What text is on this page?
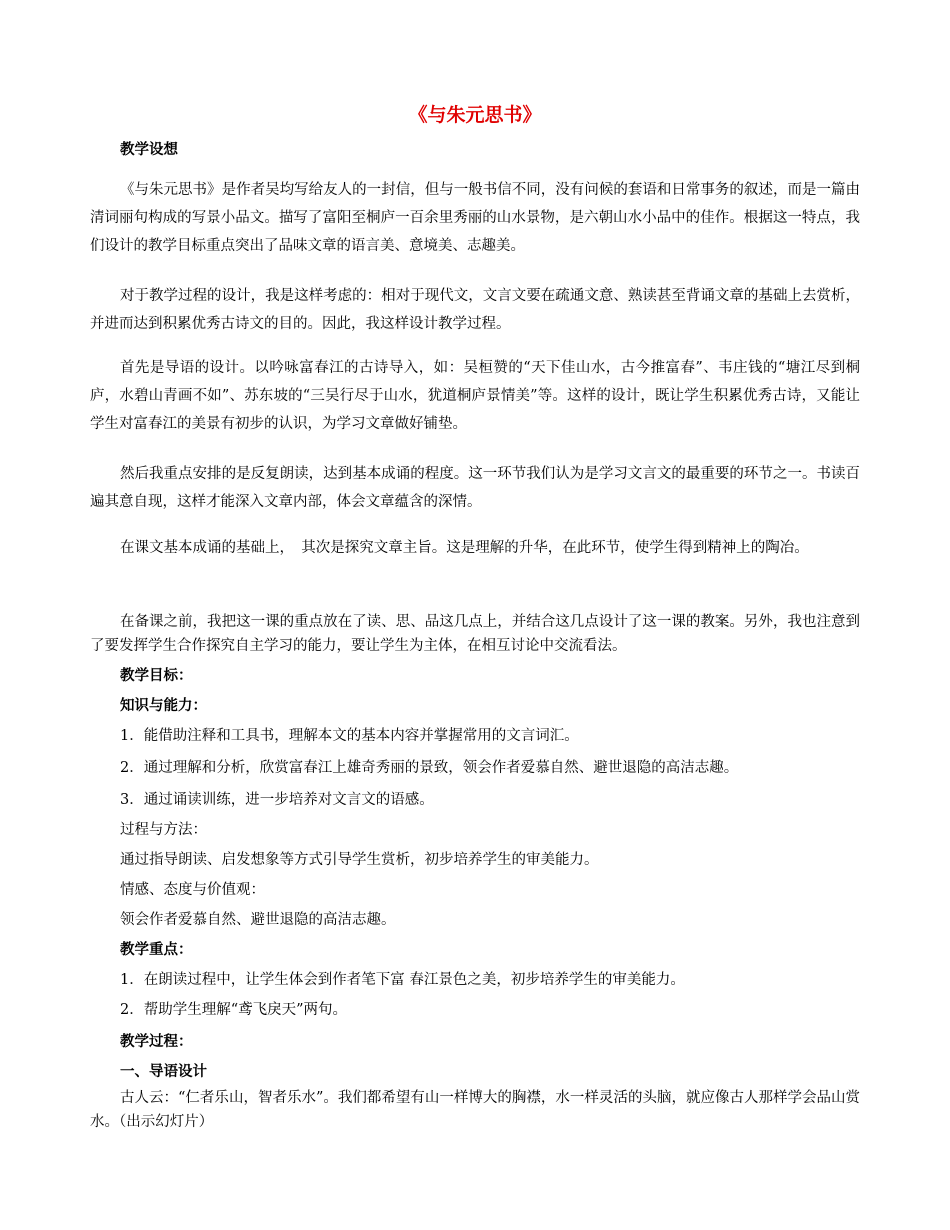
《与朱元思书》
教学设想

《与朱元思书》是作者吴均写给友人的一封信，但与一般书信不同，没有问候的套语和日常事务的叙述，而是一篇由清词丽句构成的写景小品文。描写了富阳至桐庐一百余里秀丽的山水景物，是六朝山水小品中的佳作。根据这一特点，我们设计的教学目标重点突出了品味文章的语言美、意境美、志趣美。

对于教学过程的设计，我是这样考虑的：相对于现代文，文言文要在疏通文意、熟读甚至背诵文章的基础上去赏析，并进而达到积累优秀古诗文的目的。因此，我这样设计教学过程。

首先是导语的设计。以吟咏富春江的古诗导入，如：吴桓赞的“天下佳山水，古今推富春”、韦庄钱的“塘江尽到桐庐，水碧山青画不如”、苏东坡的“三吴行尽于山水，犹道桐庐景情美”等。这样的设计，既让学生积累优秀古诗，又能让学生对富春江的美景有初步的认识，为学习文章做好铺垫。

然后我重点安排的是反复朗读，达到基本成诵的程度。这一环节我们认为是学习文言文的最重要的环节之一。书读百遍其意自现，这样才能深入文章内部，体会文章蕴含的深情。

在课文基本成诵的基础上，　其次是探究文章主旨。这是理解的升华，在此环节，使学生得到精神上的陶冶。

在备课之前，我把这一课的重点放在了读、思、品这几点上，并结合这几点设计了这一课的教案。另外，我也注意到了要发挥学生合作探究自主学习的能力，要让学生为主体，在相互讨论中交流看法。

教学目标：
知识与能力：
1．能借助注释和工具书，理解本文的基本内容并掌握常用的文言词汇。
2．通过理解和分析，欣赏富春江上雄奇秀丽的景致，领会作者爱慕自然、避世退隐的高洁志趣。
3．通过诵读训练，进一步培养对文言文的语感。
过程与方法：
通过指导朗读、启发想象等方式引导学生赏析，初步培养学生的审美能力。
情感、态度与价值观：
领会作者爱慕自然、避世退隐的高洁志趣。
教学重点：
1．在朗读过程中，让学生体会到作者笔下富 春江景色之美，初步培养学生的审美能力。
2．帮助学生理解“鸢飞戾天”两句。
教学过程：
一、导语设计

古人云：“仁者乐山，智者乐水”。我们都希望有山一样博大的胸襟，水一样灵活的头脑，就应像古人那样学会品山赏水。（出示幻灯片）
